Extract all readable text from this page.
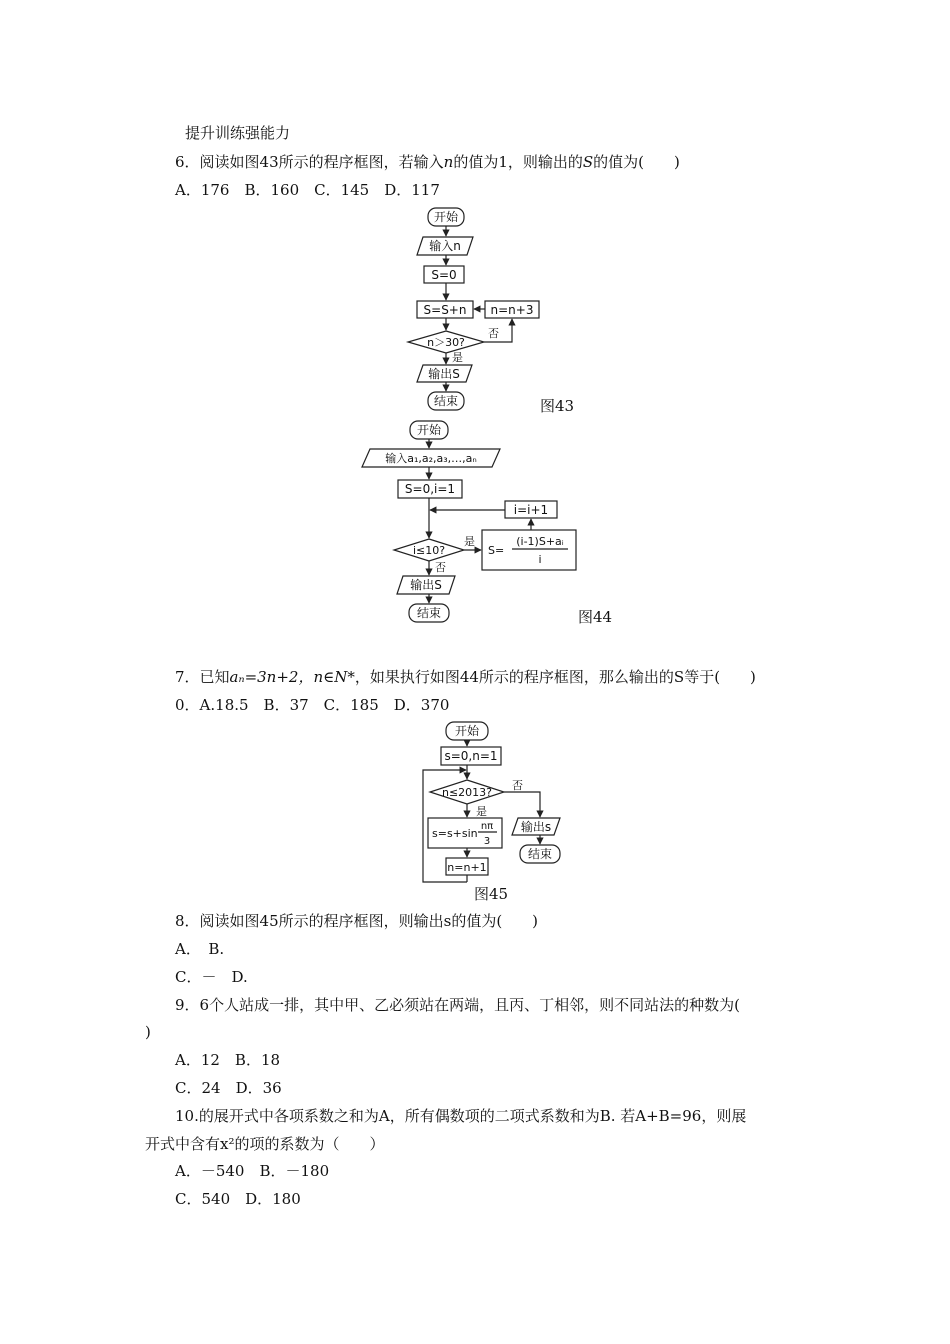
提升训练强能力
6．阅读如图43所示的程序框图，若输入n的值为1，则输出的S的值为(　　)
A．176　B．160　C．145　D．117
开始
输入n
S=0
S=S+n n=n+3
n＞30?
否
是
输出S
结束	图43
开始
输入a₁,a₂,a₃,…,aₙ
S=0,i=1
i=i+1
i≤10?
是
S=
(i-1)S+aᵢ
i
否
输出S
结束	图44
7．已知aₙ=3n+2，n∈N*，如果执行如图44所示的程序框图，那么输出的S等于(　　)
0．A.18.5　B．37　C．185　D．370
开始
s=0,n=1
n≤2013?
否
是
s=s+sin
nπ
3
n=n+1
输出s
结束
图45
8．阅读如图45所示的程序框图，则输出s的值为(　　)
A．　B.
C．－　D.
9．6个人站成一排，其中甲、乙必须站在两端，且丙、丁相邻，则不同站法的种数为(
)
A．12　B．18
C．24　D．36
10.的展开式中各项系数之和为A，所有偶数项的二项式系数和为B. 若A+B=96，则展
开式中含有x²的项的系数为（　　）
A．－540　B．－180
C．540　D．180
